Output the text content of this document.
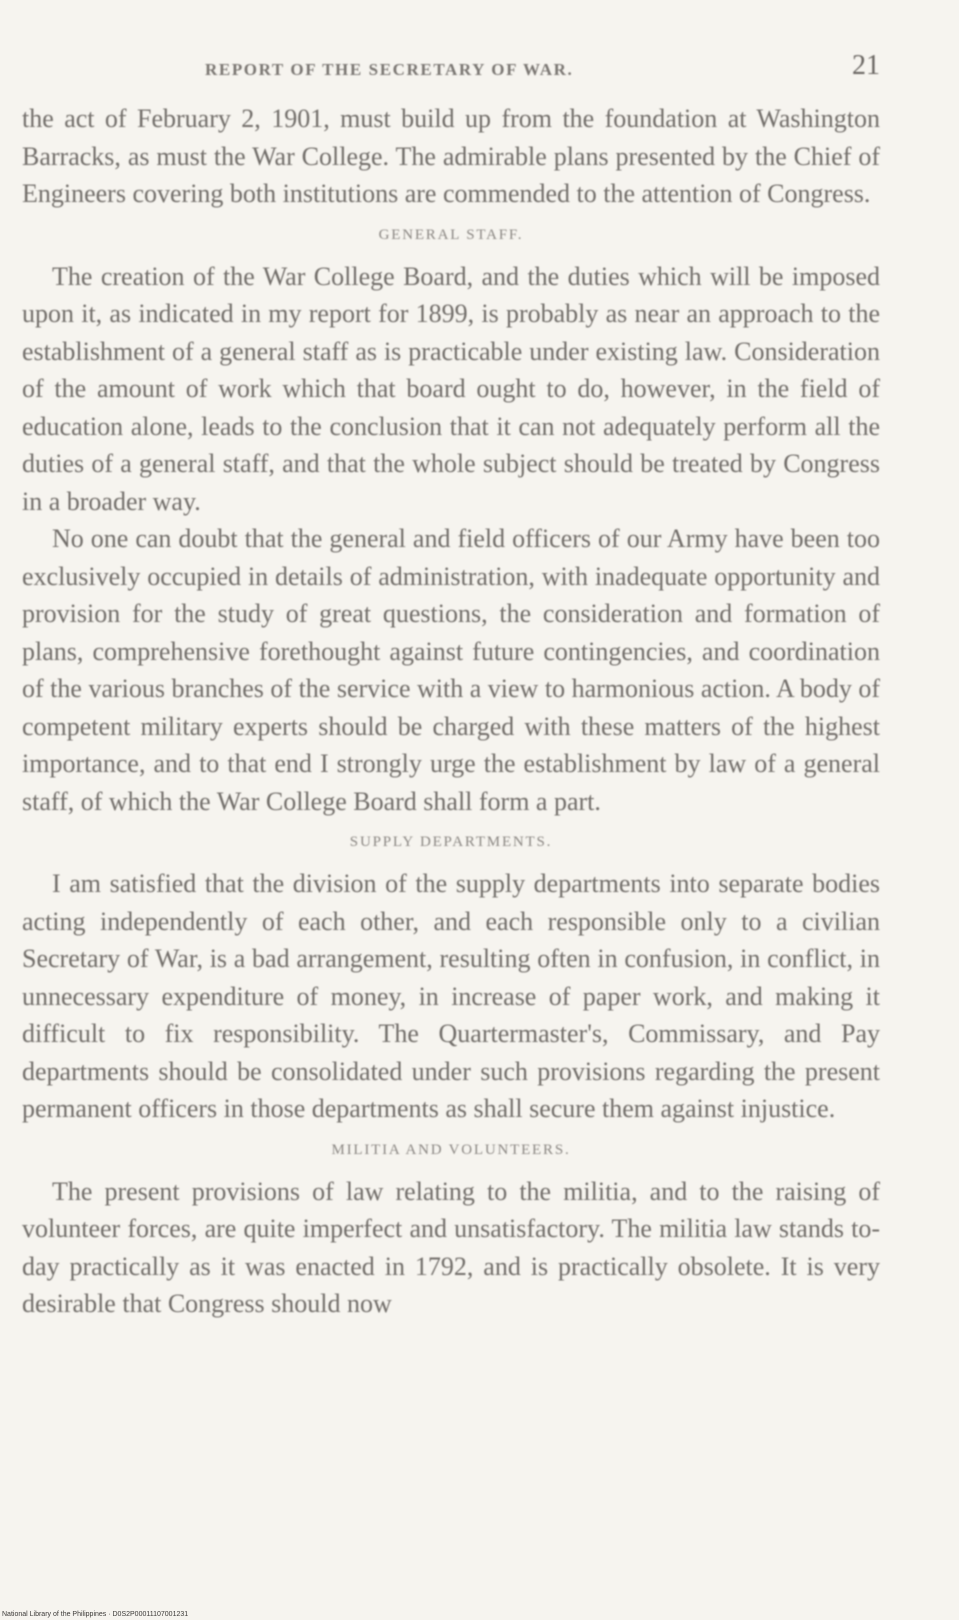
REPORT OF THE SECRETARY OF WAR.	21

the act of February 2, 1901, must build up from the foundation at Washington Barracks, as must the War College. The admirable plans presented by the Chief of Engineers covering both institutions are commended to the attention of Congress.

GENERAL STAFF.

The creation of the War College Board, and the duties which will be imposed upon it, as indicated in my report for 1899, is probably as near an approach to the establishment of a general staff as is practicable under existing law. Consideration of the amount of work which that board ought to do, however, in the field of education alone, leads to the conclusion that it can not adequately perform all the duties of a general staff, and that the whole subject should be treated by Congress in a broader way.

No one can doubt that the general and field officers of our Army have been too exclusively occupied in details of administration, with inadequate opportunity and provision for the study of great questions, the consideration and formation of plans, comprehensive forethought against future contingencies, and coordination of the various branches of the service with a view to harmonious action. A body of competent military experts should be charged with these matters of the highest importance, and to that end I strongly urge the establishment by law of a general staff, of which the War College Board shall form a part.

SUPPLY DEPARTMENTS.

I am satisfied that the division of the supply departments into separate bodies acting independently of each other, and each responsible only to a civilian Secretary of War, is a bad arrangement, resulting often in confusion, in conflict, in unnecessary expenditure of money, in increase of paper work, and making it difficult to fix responsibility. The Quartermaster's, Commissary, and Pay departments should be consolidated under such provisions regarding the present permanent officers in those departments as shall secure them against injustice.

MILITIA AND VOLUNTEERS.

The present provisions of law relating to the militia, and to the raising of volunteer forces, are quite imperfect and unsatisfactory. The militia law stands to-day practically as it was enacted in 1792, and is practically obsolete. It is very desirable that Congress should now

National Library of the Philippines · D0S2P00011107001231
